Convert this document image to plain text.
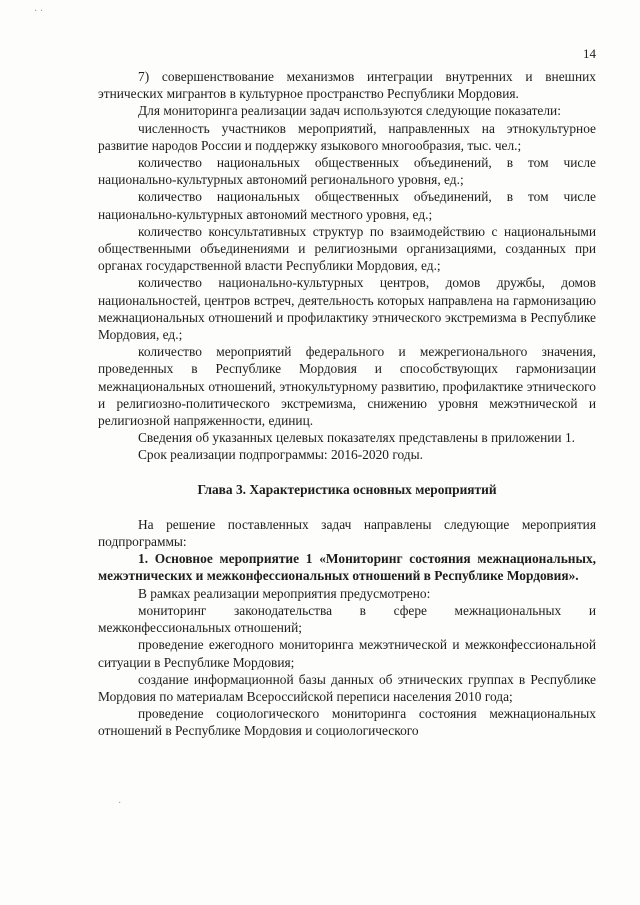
· ·
·
14

7) совершенствование механизмов интеграции внутренних и внешних этнических мигрантов в культурное пространство Республики Мордовия.

Для мониторинга реализации задач используются следующие показатели:

численность участников мероприятий, направленных на этнокультурное развитие народов России и поддержку языкового многообразия, тыс. чел.;

количество национальных общественных объединений, в том числе национально-культурных автономий регионального уровня, ед.;

количество национальных общественных объединений, в том числе национально-культурных автономий местного уровня, ед.;

количество консультативных структур по взаимодействию с национальными общественными объединениями и религиозными организациями, созданных при органах государственной власти Республики Мордовия, ед.;

количество национально-культурных центров, домов дружбы, домов национальностей, центров встреч, деятельность которых направлена на гармонизацию межнациональных отношений и профилактику этнического экстремизма в Республике Мордовия, ед.;

количество мероприятий федерального и межрегионального значения, проведенных в Республике Мордовия и способствующих гармонизации межнациональных отношений, этнокультурному развитию, профилактике этнического и религиозно-политического экстремизма, снижению уровня межэтнической и религиозной напряженности, единиц.

Сведения об указанных целевых показателях представлены в приложении 1.

Срок реализации подпрограммы: 2016-2020 годы.

Глава 3. Характеристика основных мероприятий

На решение поставленных задач направлены следующие мероприятия подпрограммы:

1. Основное мероприятие 1 «Мониторинг состояния межнациональных, межэтнических и межконфессиональных отношений в Республике Мордовия».

В рамках реализации мероприятия предусмотрено:

мониторинг законодательства в сфере межнациональных и межконфессиональных отношений;

проведение ежегодного мониторинга межэтнической и межконфессиональной ситуации в Республике Мордовия;

создание информационной базы данных об этнических группах в Республике Мордовия по материалам Всероссийской переписи населения 2010 года;

проведение социологического мониторинга состояния межнациональных отношений в Республике Мордовия и социологического
